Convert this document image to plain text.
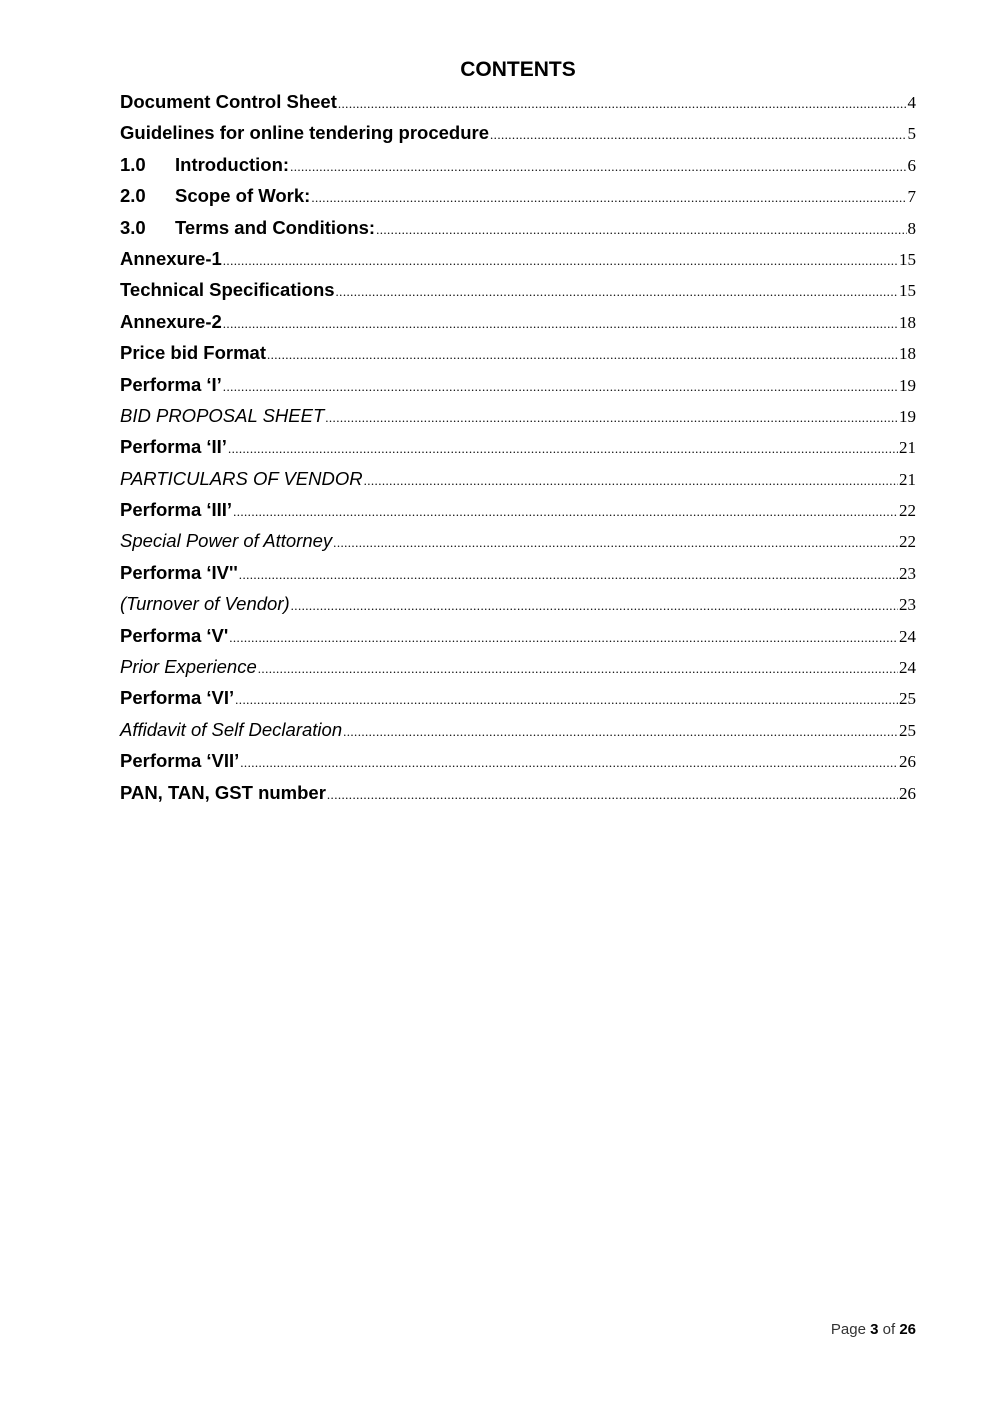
CONTENTS
Document Control Sheet .....	4
Guidelines for online tendering procedure .....	5
1.0 Introduction: .....	6
2.0 Scope of Work: .....	7
3.0 Terms and Conditions: .....	8
Annexure-1 .....	15
Technical Specifications .....	15
Annexure-2 .....	18
Price bid Format .....	18
Performa ‘I’ .....	19
BID PROPOSAL SHEET .....	19
Performa ‘II’ .....	21
PARTICULARS OF VENDOR .....	21
Performa ‘III’ .....	22
Special Power of Attorney .....	22
Performa ‘IV'' .....	23
(Turnover of Vendor) .....	23
Performa ‘V' .....	24
Prior Experience .....	24
Performa ‘VI’ .....	25
Affidavit of Self Declaration .....	25
Performa ‘VII’ .....	26
PAN, TAN, GST number .....	26
Page 3 of 26
